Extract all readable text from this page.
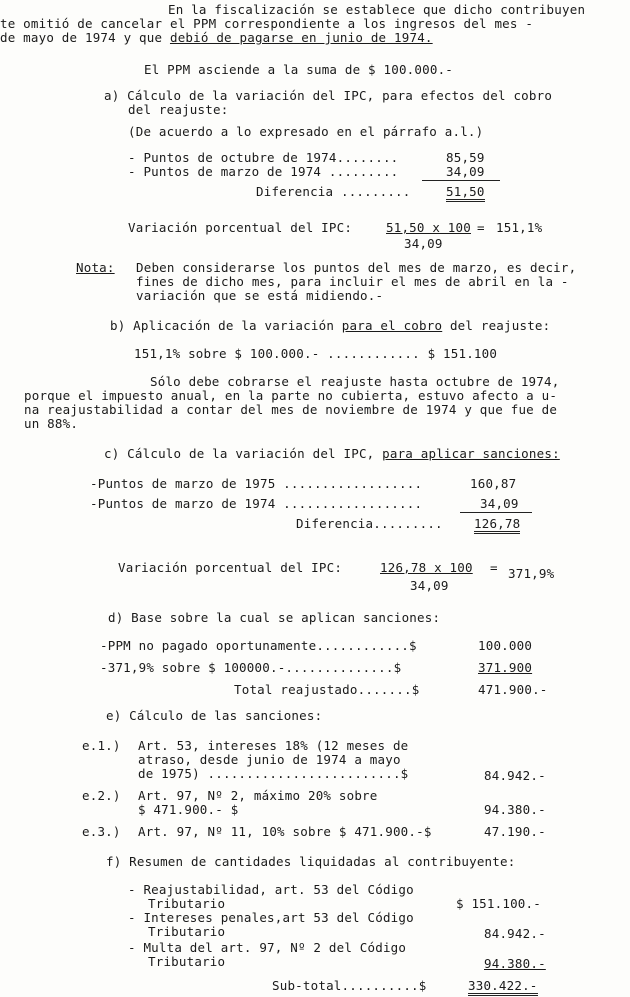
En la fiscalización se establece que dicho contribuyen
te omitió de cancelar el PPM correspondiente a los ingresos del mes -
de mayo de 1974 y que debió de pagarse en junio de 1974.
El PPM asciende a la suma de $ 100.000.-
a) Cálculo de la variación del IPC, para efectos del cobro
del reajuste:
(De acuerdo a lo expresado en el párrafo a.l.)
- Puntos de octubre de 1974........	85,59
- Puntos de marzo de 1974 .........	34,09
Diferencia .........	51,50
Variación porcentual del IPC:	51,50 x 100 = 151,1%
34,09
Nota: Deben considerarse los puntos del mes de marzo, es decir,
fines de dicho mes, para incluir el mes de abril en la -
variación que se está midiendo.-
b) Aplicación de la variación para el cobro del reajuste:
151,1% sobre $ 100.000.- ............ $ 151.100
Sólo debe cobrarse el reajuste hasta octubre de 1974,
porque el impuesto anual, en la parte no cubierta, estuvo afecto a u-
na reajustabilidad a contar del mes de noviembre de 1974 y que fue de
un 88%.
c) Cálculo de la variación del IPC, para aplicar sanciones:
-Puntos de marzo de 1975 ..................	160,87
-Puntos de marzo de 1974 ..................	34,09
Diferencia......... 126,78
Variación porcentual del IPC:	126,78 x 100 = 371,9%
34,09
d) Base sobre la cual se aplican sanciones:
-PPM no pagado oportunamente............$	100.000
-371,9% sobre $ 100000.-..............$	371.900
Total reajustado.......$	471.900.-
e) Cálculo de las sanciones:
e.1.) Art. 53, intereses 18% (12 meses de
atraso, desde junio de 1974 a mayo
de 1975) .........................$	84.942.-
e.2.) Art. 97, Nº 2, máximo 20% sobre
$ 471.900.- $	94.380.-
e.3.) Art. 97, Nº 11, 10% sobre $ 471.900.-$	47.190.-
f) Resumen de cantidades liquidadas al contribuyente:
- Reajustabilidad, art. 53 del Código
Tributario	$ 151.100.-
- Intereses penales,art 53 del Código
Tributario	84.942.-
- Multa del art. 97, Nº 2 del Código
Tributario	94.380.-
Sub-total..........$	330.422.-
